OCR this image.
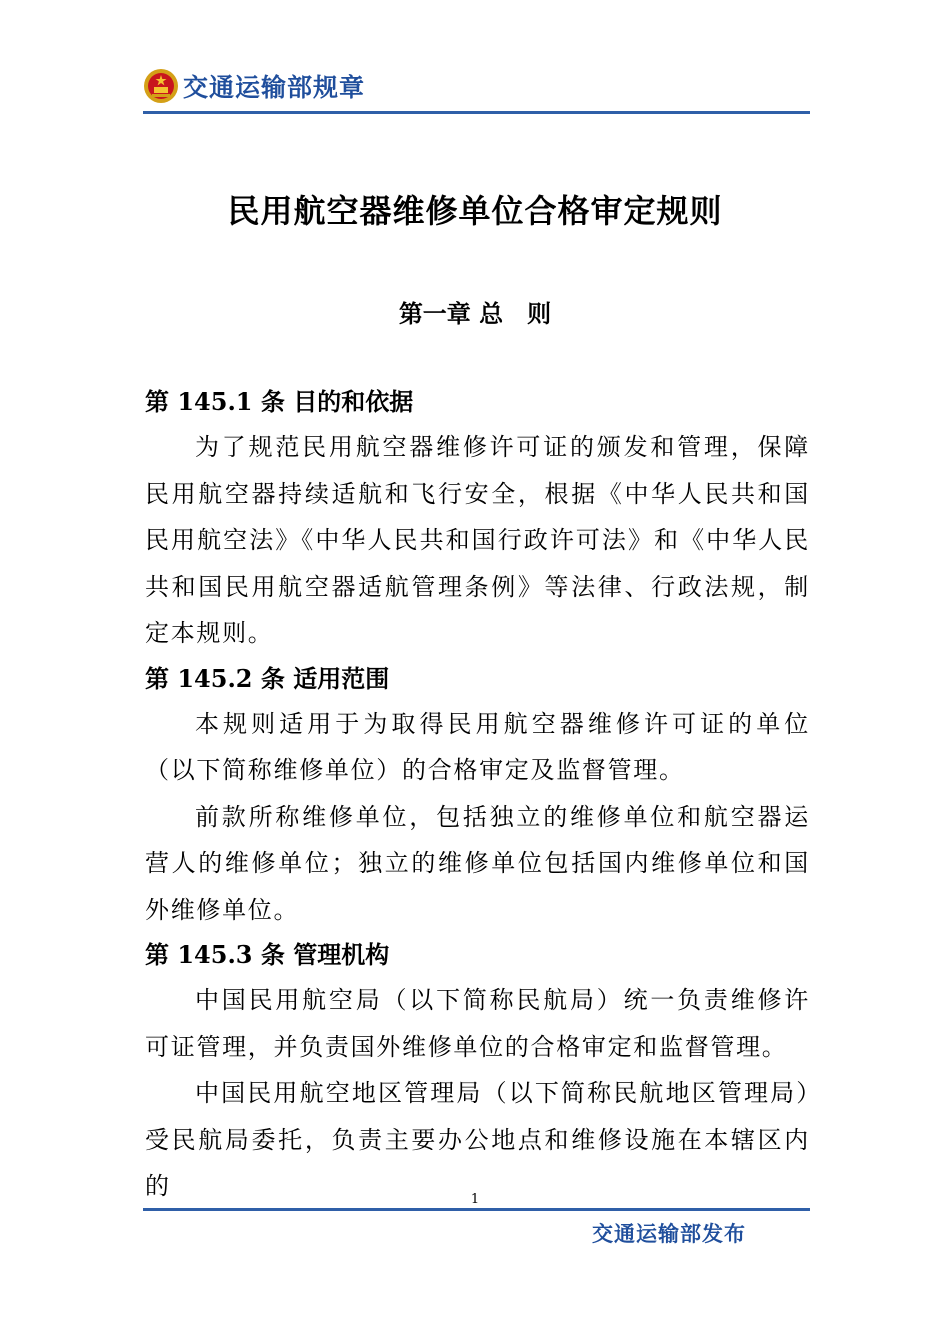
交通运输部规章
民用航空器维修单位合格审定规则
第一章 总　则
第 145.1 条 目的和依据

为了规范民用航空器维修许可证的颁发和管理，保障民用航空器持续适航和飞行安全，根据《中华人民共和国民用航空法》《中华人民共和国行政许可法》和《中华人民共和国民用航空器适航管理条例》等法律、行政法规，制定本规则。

第 145.2 条 适用范围

本规则适用于为取得民用航空器维修许可证的单位（以下简称维修单位）的合格审定及监督管理。

前款所称维修单位，包括独立的维修单位和航空器运营人的维修单位；独立的维修单位包括国内维修单位和国外维修单位。

第 145.3 条 管理机构

中国民用航空局（以下简称民航局）统一负责维修许可证管理，并负责国外维修单位的合格审定和监督管理。

中国民用航空地区管理局（以下简称民航地区管理局）受民航局委托，负责主要办公地点和维修设施在本辖区内的	1
交通运输部发布
